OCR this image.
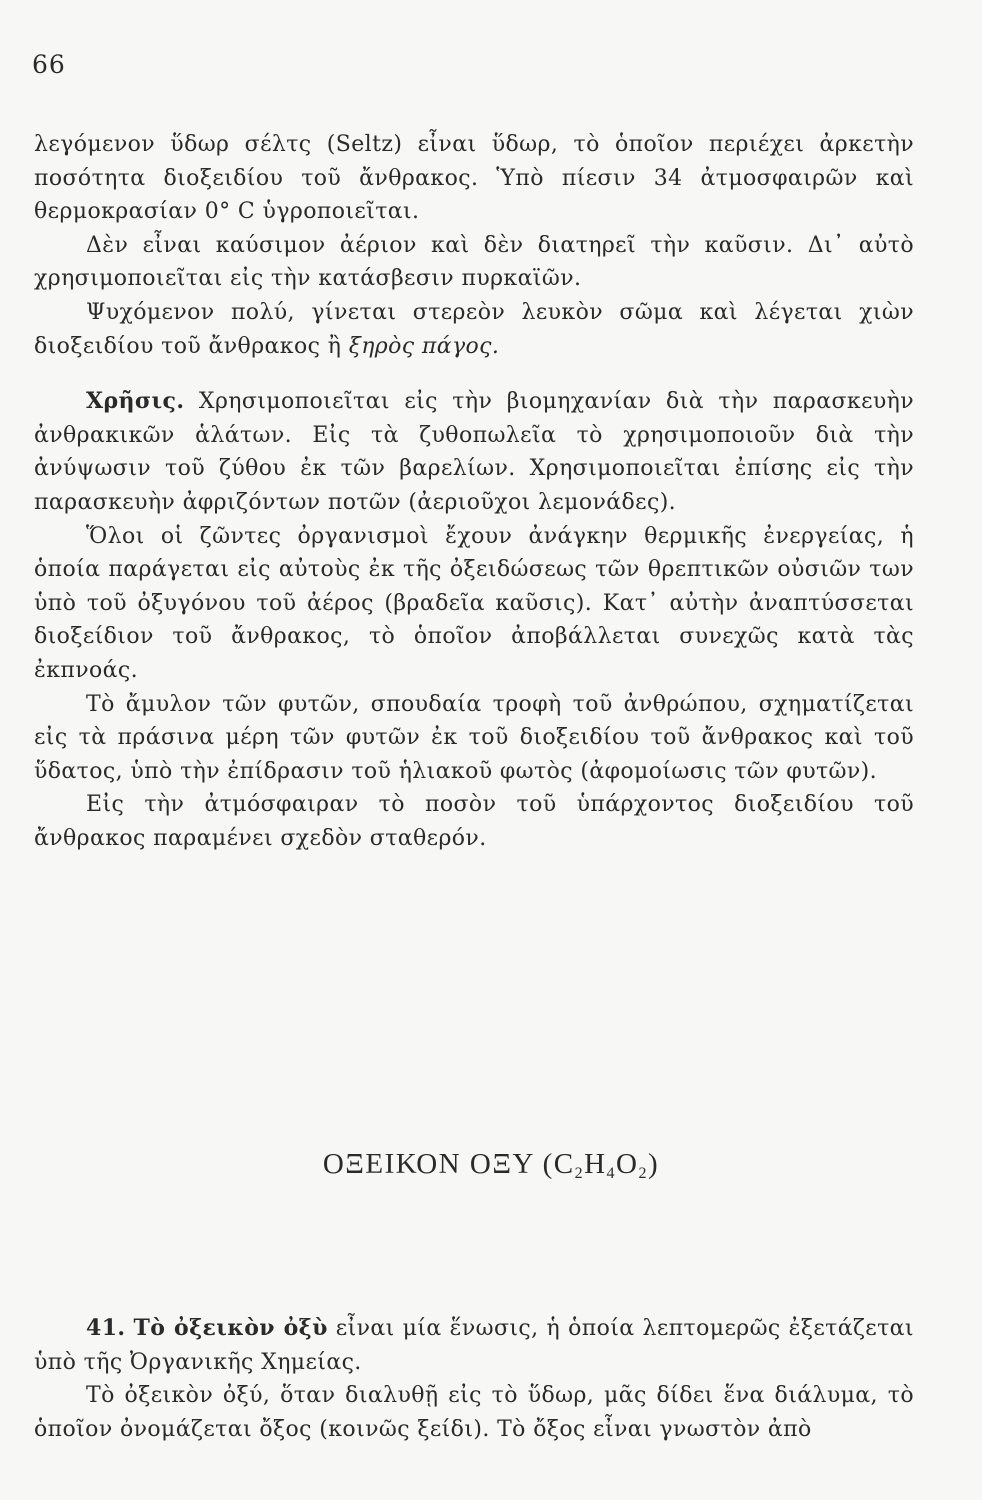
66

λεγόμενον ὕδωρ σέλτς (Seltz) εἶναι ὕδωρ, τὸ ὁποῖον περιέχει ἀρκετὴν ποσότητα διοξειδίου τοῦ ἄνθρακος. Ὑπὸ πίεσιν 34 ἀτμοσφαιρῶν καὶ θερμοκρασίαν 0° C ὑγροποιεῖται.

Δὲν εἶναι καύσιμον ἀέριον καὶ δὲν διατηρεῖ τὴν καῦσιν. Δι᾽ αὐτὸ χρησιμοποιεῖται εἰς τὴν κατάσβεσιν πυρκαϊῶν.

Ψυχόμενον πολύ, γίνεται στερεὸν λευκὸν σῶμα καὶ λέγεται χιὼν διοξειδίου τοῦ ἄνθρακος ἢ ξηρὸς πάγος.

Χρῆσις. Χρησιμοποιεῖται εἰς τὴν βιομηχανίαν διὰ τὴν παρασκευὴν ἀνθρακικῶν ἁλάτων. Εἰς τὰ ζυθοπωλεῖα τὸ χρησιμοποιοῦν διὰ τὴν ἀνύψωσιν τοῦ ζύθου ἐκ τῶν βαρελίων. Χρησιμοποιεῖται ἐπίσης εἰς τὴν παρασκευὴν ἀφριζόντων ποτῶν (ἀεριοῦχοι λεμονάδες).

Ὅλοι οἱ ζῶντες ὀργανισμοὶ ἔχουν ἀνάγκην θερμικῆς ἐνεργείας, ἡ ὁποία παράγεται εἰς αὐτοὺς ἐκ τῆς ὀξειδώσεως τῶν θρεπτικῶν οὐσιῶν των ὑπὸ τοῦ ὀξυγόνου τοῦ ἀέρος (βραδεῖα καῦσις). Κατ᾽ αὐτὴν ἀναπτύσσεται διοξείδιον τοῦ ἄνθρακος, τὸ ὁποῖον ἀποβάλλεται συνεχῶς κατὰ τὰς ἐκπνοάς.

Τὸ ἄμυλον τῶν φυτῶν, σπουδαία τροφὴ τοῦ ἀνθρώπου, σχηματίζεται εἰς τὰ πράσινα μέρη τῶν φυτῶν ἐκ τοῦ διοξειδίου τοῦ ἄνθρακος καὶ τοῦ ὕδατος, ὑπὸ τὴν ἐπίδρασιν τοῦ ἡλιακοῦ φωτὸς (ἀφομοίωσις τῶν φυτῶν).

Εἰς τὴν ἀτμόσφαιραν τὸ ποσὸν τοῦ ὑπάρχοντος διοξειδίου τοῦ ἄνθρακος παραμένει σχεδὸν σταθερόν.

ΟΞΕΙΚΟΝ ΟΞΥ $(C_2H_4O_2)$

41. Τὸ ὀξεικὸν ὀξὺ εἶναι μία ἕνωσις, ἡ ὁποία λεπτομερῶς ἐξετάζεται ὑπὸ τῆς Ὀργανικῆς Χημείας.

Τὸ ὀξεικὸν ὀξύ, ὅταν διαλυθῇ εἰς τὸ ὕδωρ, μᾶς δίδει ἕνα διάλυμα, τὸ ὁποῖον ὀνομάζεται ὄξος (κοινῶς ξείδι). Τὸ ὄξος εἶναι γνωστὸν ἀπὸ
